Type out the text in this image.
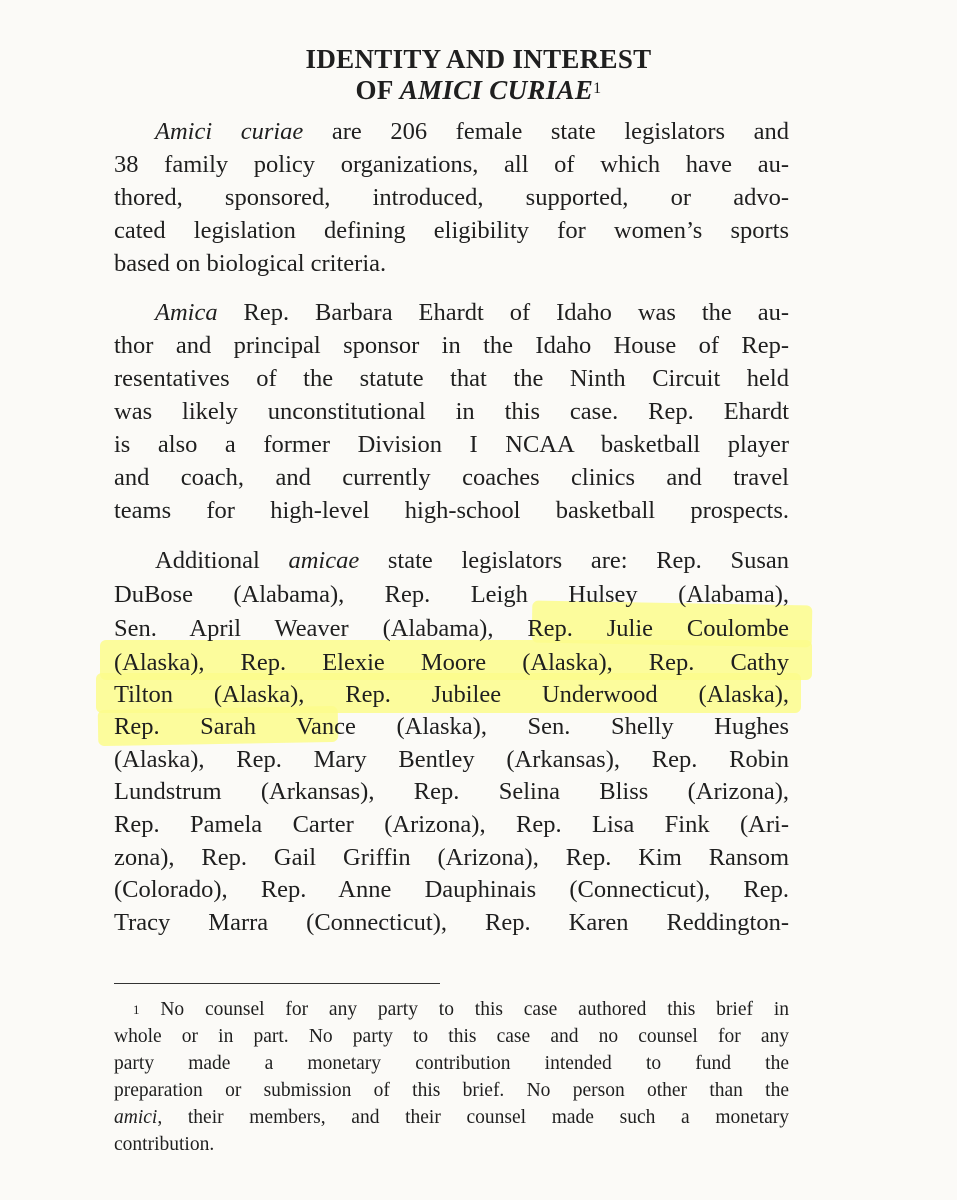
IDENTITY AND INTEREST
OF AMICI CURIAE$^1$
Amici curiae are 206 female state legislators and
38 family policy organizations, all of which have au-
thored, sponsored, introduced, supported, or advo-
cated legislation defining eligibility for women’s sports
based on biological criteria.
Amica Rep. Barbara Ehardt of Idaho was the au-
thor and principal sponsor in the Idaho House of Rep-
resentatives of the statute that the Ninth Circuit held
was likely unconstitutional in this case. Rep. Ehardt
is also a former Division I NCAA basketball player
and coach, and currently coaches clinics and travel
teams for high-level high-school basketball prospects.
Additional amicae state legislators are: Rep. Susan
DuBose (Alabama), Rep. Leigh Hulsey (Alabama),
Sen. April Weaver (Alabama), Rep. Julie Coulombe
(Alaska), Rep. Elexie Moore (Alaska), Rep. Cathy
Tilton (Alaska), Rep. Jubilee Underwood (Alaska),
Rep. Sarah Vance (Alaska), Sen. Shelly Hughes
(Alaska), Rep. Mary Bentley (Arkansas), Rep. Robin
Lundstrum (Arkansas), Rep. Selina Bliss (Arizona),
Rep. Pamela Carter (Arizona), Rep. Lisa Fink (Ari-
zona), Rep. Gail Griffin (Arizona), Rep. Kim Ransom
(Colorado), Rep. Anne Dauphinais (Connecticut), Rep.
Tracy Marra (Connecticut), Rep. Karen Reddington-
$^1$ No counsel for any party to this case authored this brief in
whole or in part. No party to this case and no counsel for any
party made a monetary contribution intended to fund the
preparation or submission of this brief. No person other than the
amici, their members, and their counsel made such a monetary
contribution.
